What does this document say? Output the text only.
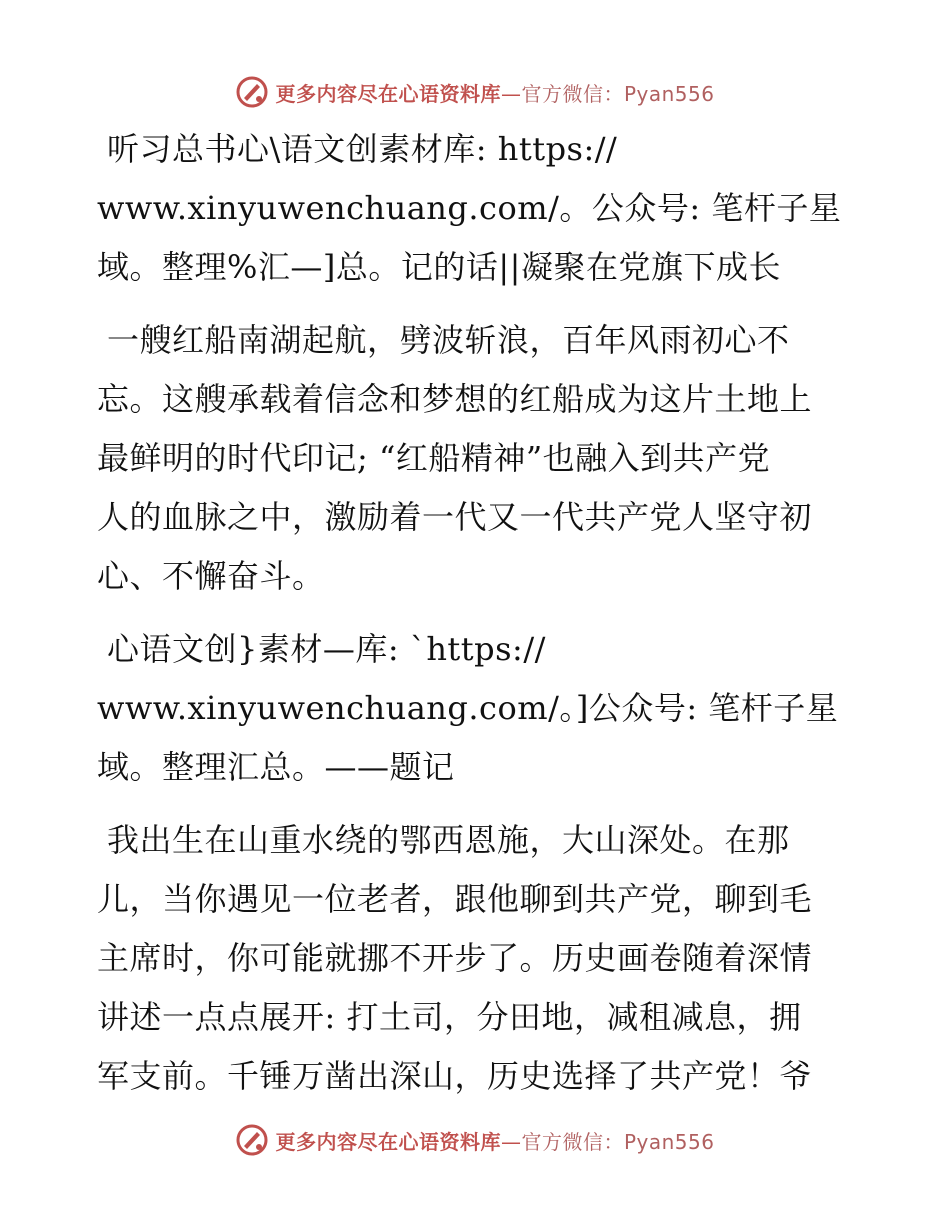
更多内容尽在心语资料库—官方微信：Pyan556

听习总书心\语文创素材库: https://
www.xinyuwenchuang.com/。公众号: 笔杆子星
域。整理%汇—]总。记的话||凝聚在党旗下成长

一艘红船南湖起航，劈波斩浪，百年风雨初心不
忘。这艘承载着信念和梦想的红船成为这片土地上
最鲜明的时代印记; “红船精神”也融入到共产党
人的血脉之中，激励着一代又一代共产党人坚守初
心、不懈奋斗。

心语文创}素材—库: `https://
www.xinyuwenchuang.com/。]公众号: 笔杆子星
域。整理汇总。——题记

我出生在山重水绕的鄂西恩施，大山深处。在那
儿，当你遇见一位老者，跟他聊到共产党，聊到毛
主席时，你可能就挪不开步了。历史画卷随着深情
讲述一点点展开: 打土司，分田地，减租减息，拥
军支前。千锤万凿出深山，历史选择了共产党！爷

更多内容尽在心语资料库—官方微信：Pyan556
